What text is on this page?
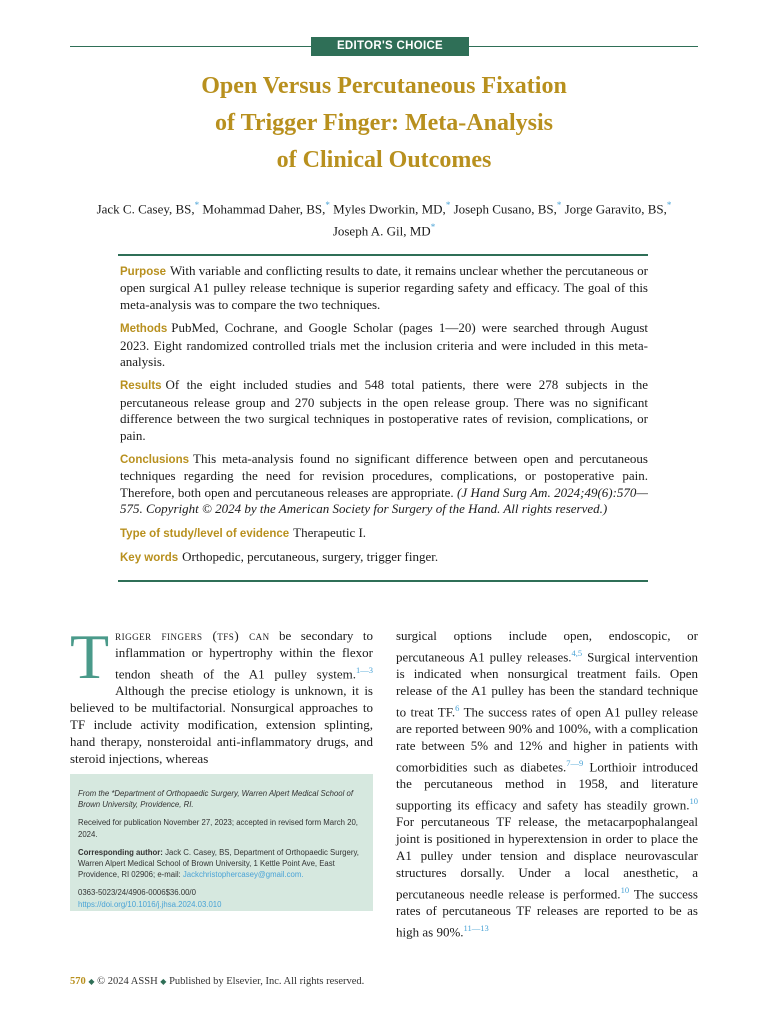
EDITOR'S CHOICE
Open Versus Percutaneous Fixation
of Trigger Finger: Meta-Analysis
of Clinical Outcomes
Jack C. Casey, BS,* Mohammad Daher, BS,* Myles Dworkin, MD,* Joseph Cusano, BS,* Jorge Garavito, BS,*
Joseph A. Gil, MD*

Purpose With variable and conflicting results to date, it remains unclear whether the percutaneous or open surgical A1 pulley release technique is superior regarding safety and efficacy. The goal of this meta-analysis was to compare the two techniques.

Methods PubMed, Cochrane, and Google Scholar (pages 1—20) were searched through August 2023. Eight randomized controlled trials met the inclusion criteria and were included in this meta-analysis.

Results Of the eight included studies and 548 total patients, there were 278 subjects in the percutaneous release group and 270 subjects in the open release group. There was no significant difference between the two surgical techniques in postoperative rates of revision, complications, or pain.

Conclusions This meta-analysis found no significant difference between open and percutaneous techniques regarding the need for revision procedures, complications, or postoperative pain. Therefore, both open and percutaneous releases are appropriate. (J Hand Surg Am. 2024;49(6):570—575. Copyright © 2024 by the American Society for Surgery of the Hand. All rights reserved.)

Type of study/level of evidence Therapeutic I.

Key words Orthopedic, percutaneous, surgery, trigger finger.

Trigger fingers (tfs) can be secondary to inflammation or hypertrophy within the flexor tendon sheath of the A1 pulley system.$^{1—3}$ Although the precise etiology is unknown, it is believed to be multifactorial. Nonsurgical approaches to TF include activity modification, extension splinting, hand therapy, nonsteroidal anti-inflammatory drugs, and steroid injections, whereas

From the *Department of Orthopaedic Surgery, Warren Alpert Medical School of Brown University, Providence, RI.

Received for publication November 27, 2023; accepted in revised form March 20, 2024.

Corresponding author: Jack C. Casey, BS, Department of Orthopaedic Surgery, Warren Alpert Medical School of Brown University, 1 Kettle Point Ave, East Providence, RI 02906; e-mail: Jackchristophercasey@gmail.com.

0363-5023/24/4906-0006$36.00/0
https://doi.org/10.1016/j.jhsa.2024.03.010

surgical options include open, endoscopic, or percutaneous A1 pulley releases.$^{4,5}$ Surgical intervention is indicated when nonsurgical treatment fails. Open release of the A1 pulley has been the standard technique to treat TF.$^6$ The success rates of open A1 pulley release are reported between 90% and 100%, with a complication rate between 5% and 12% and higher in patients with comorbidities such as diabetes.$^{7—9}$ Lorthioir introduced the percutaneous method in 1958, and literature supporting its efficacy and safety has steadily grown.$^{10}$ For percutaneous TF release, the metacarpophalangeal joint is positioned in hyperextension in order to place the A1 pulley under tension and displace neurovascular structures dorsally. Under a local anesthetic, a percutaneous needle release is performed.$^{10}$ The success rates of percutaneous TF releases are reported to be as high as 90%.$^{11—13}$

570 ◆ © 2024 ASSH ◆ Published by Elsevier, Inc. All rights reserved.
